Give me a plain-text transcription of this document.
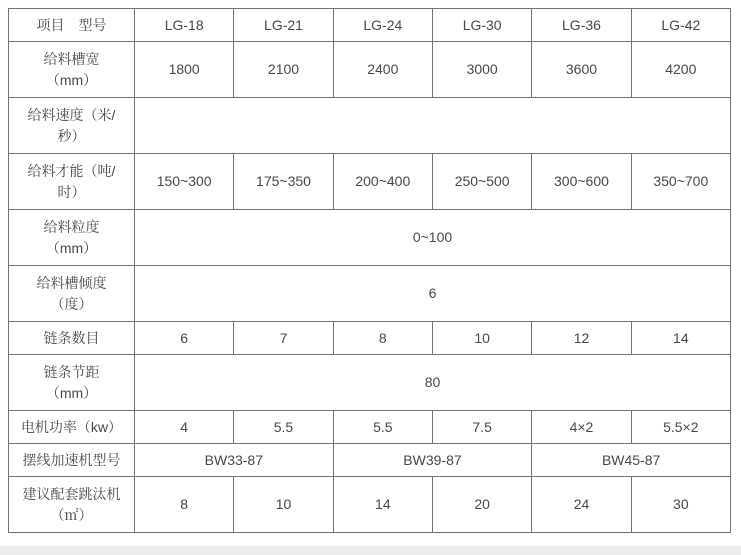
项目　型号	LG-18	LG-21	LG-24	LG-30	LG-36	LG-42
给料槽宽
（mm）	1800	2100	2400	3000	3600	4200
给料速度（米/
秒）						
给料才能（吨/
时）	150~300	175~350	200~400	250~500	300~600	350~700
给料粒度
（mm）	0~100					
给料槽倾度
（度）	6					
链条数目	6	7	8	10	12	14
链条节距
（mm）	80					
电机功率（kw）	4	5.5	5.5	7.5	4×2	5.5×2
摆线加速机型号	BW33-87		BW39-87		BW45-87	
建议配套跳汰机
（㎡）	8	10	14	20	24	30
